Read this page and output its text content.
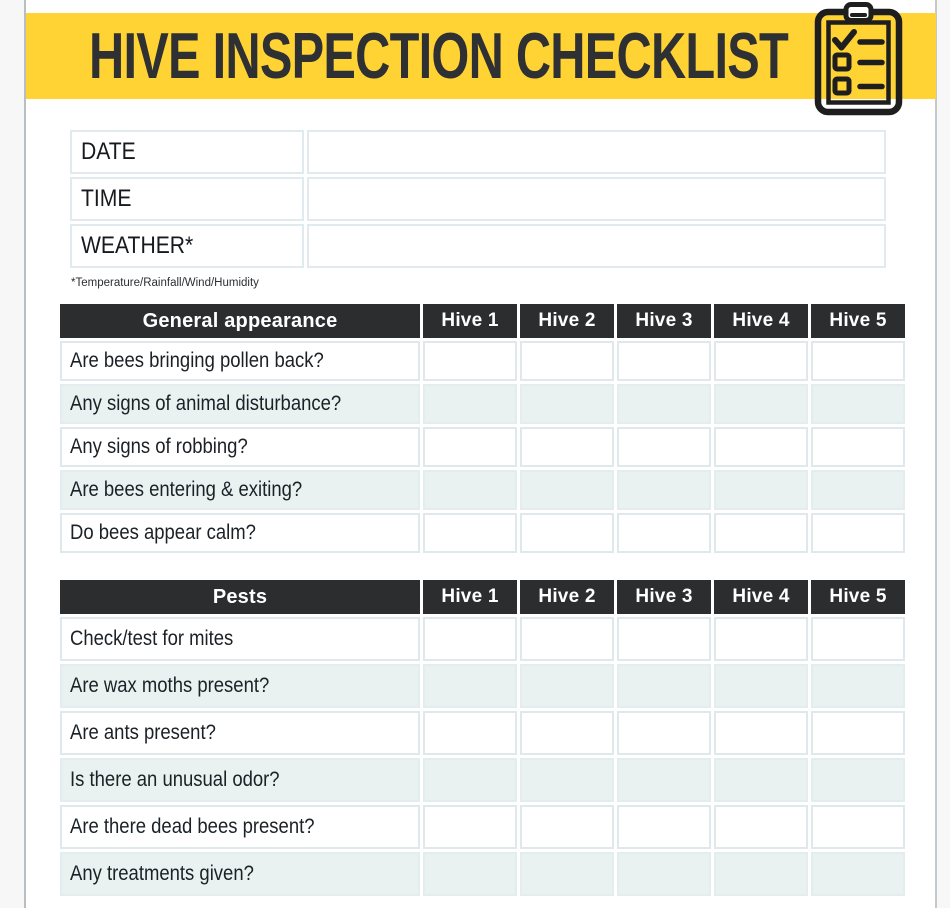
HIVE INSPECTION CHECKLIST
DATE	
TIME	
WEATHER*	
*Temperature/Rainfall/Wind/Humidity
General appearance	Hive 1	Hive 2	Hive 3	Hive 4	Hive 5
Are bees bringing pollen back?					
Any signs of animal disturbance?					
Any signs of robbing?					
Are bees entering & exiting?					
Do bees appear calm?					
Pests	Hive 1	Hive 2	Hive 3	Hive 4	Hive 5
Check/test for mites					
Are wax moths present?					
Are ants present?					
Is there an unusual odor?					
Are there dead bees present?					
Any treatments given?					
